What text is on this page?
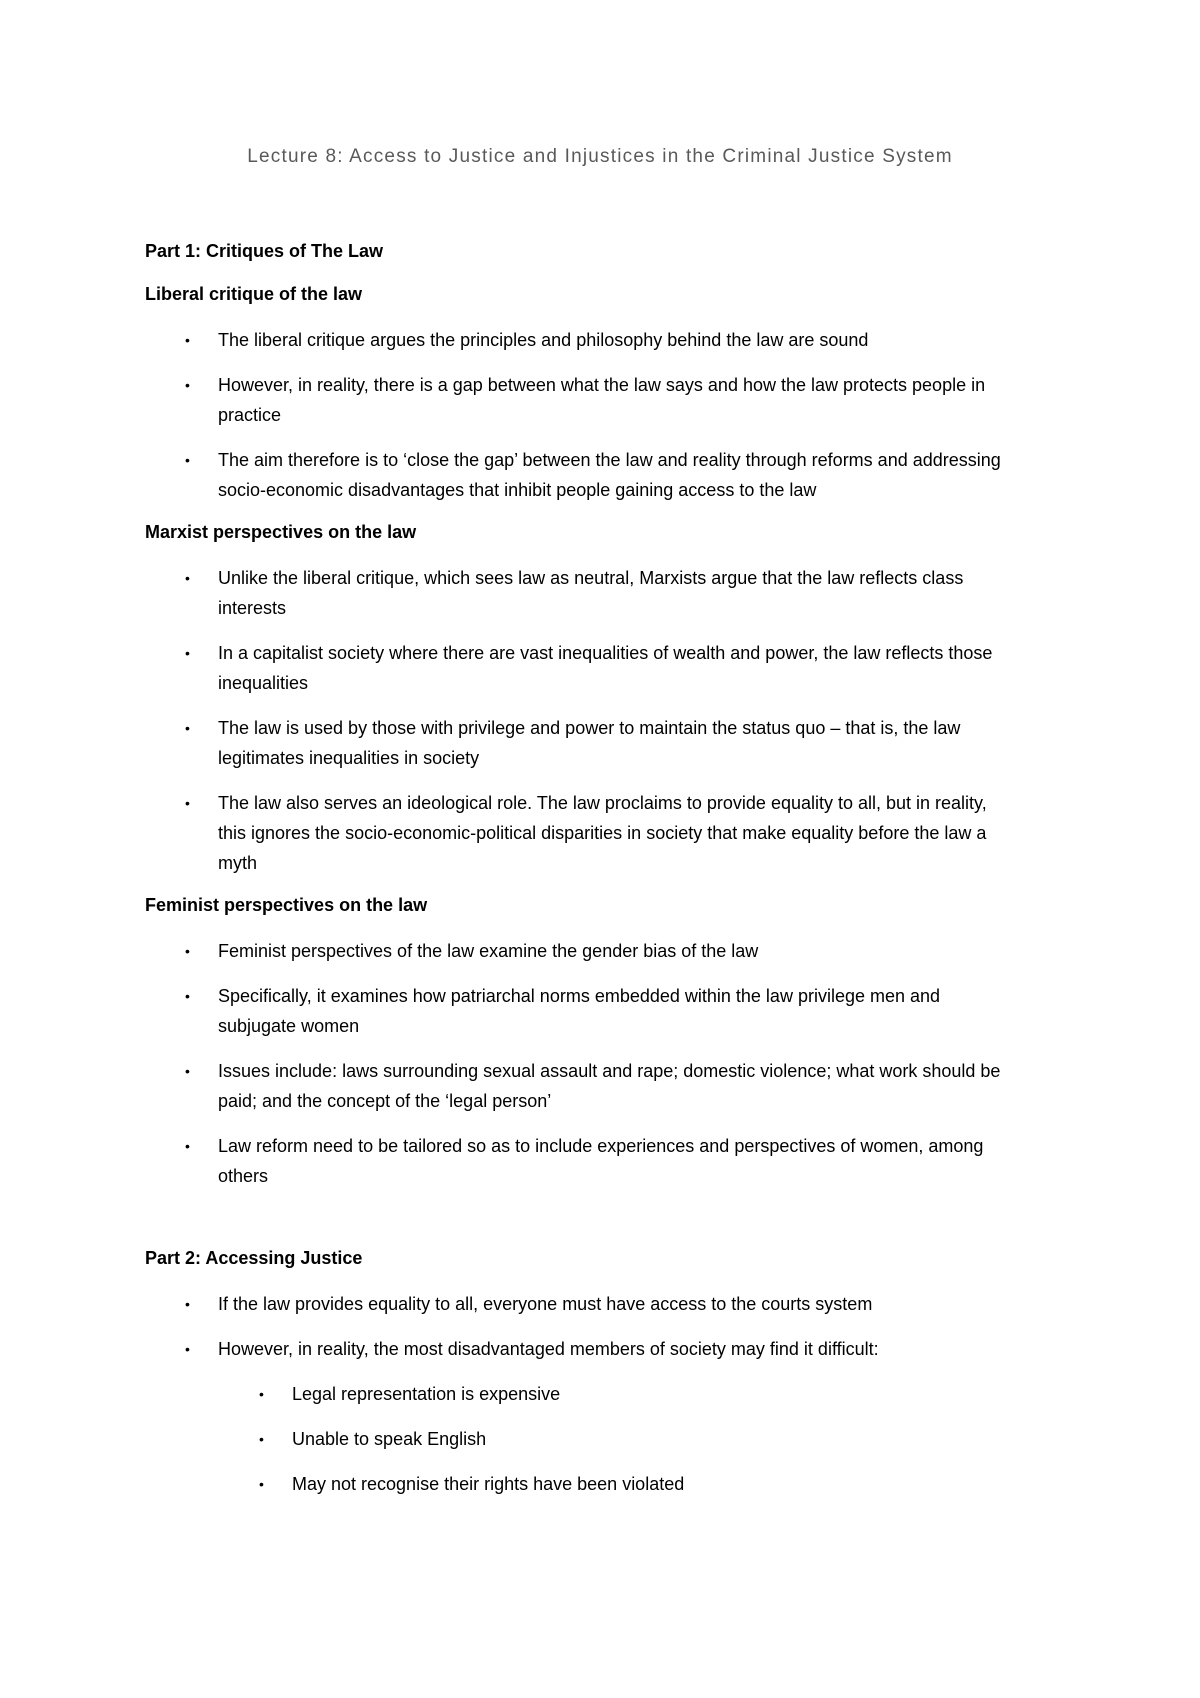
Lecture 8: Access to Justice and Injustices in the Criminal Justice System
Part 1: Critiques of The Law
Liberal critique of the law
• The liberal critique argues the principles and philosophy behind the law are sound
• However, in reality, there is a gap between what the law says and how the law protects people in practice
• The aim therefore is to ‘close the gap’ between the law and reality through reforms and addressing socio-economic disadvantages that inhibit people gaining access to the law
Marxist perspectives on the law
• Unlike the liberal critique, which sees law as neutral, Marxists argue that the law reflects class interests
• In a capitalist society where there are vast inequalities of wealth and power, the law reflects those inequalities
• The law is used by those with privilege and power to maintain the status quo – that is, the law legitimates inequalities in society
• The law also serves an ideological role. The law proclaims to provide equality to all, but in reality, this ignores the socio-economic-political disparities in society that make equality before the law a myth
Feminist perspectives on the law
• Feminist perspectives of the law examine the gender bias of the law
• Specifically, it examines how patriarchal norms embedded within the law privilege men and subjugate women
• Issues include: laws surrounding sexual assault and rape; domestic violence; what work should be paid; and the concept of the ‘legal person’
• Law reform need to be tailored so as to include experiences and perspectives of women, among others
Part 2: Accessing Justice
• If the law provides equality to all, everyone must have access to the courts system
• However, in reality, the most disadvantaged members of society may find it difficult:
• Legal representation is expensive
• Unable to speak English
• May not recognise their rights have been violated
